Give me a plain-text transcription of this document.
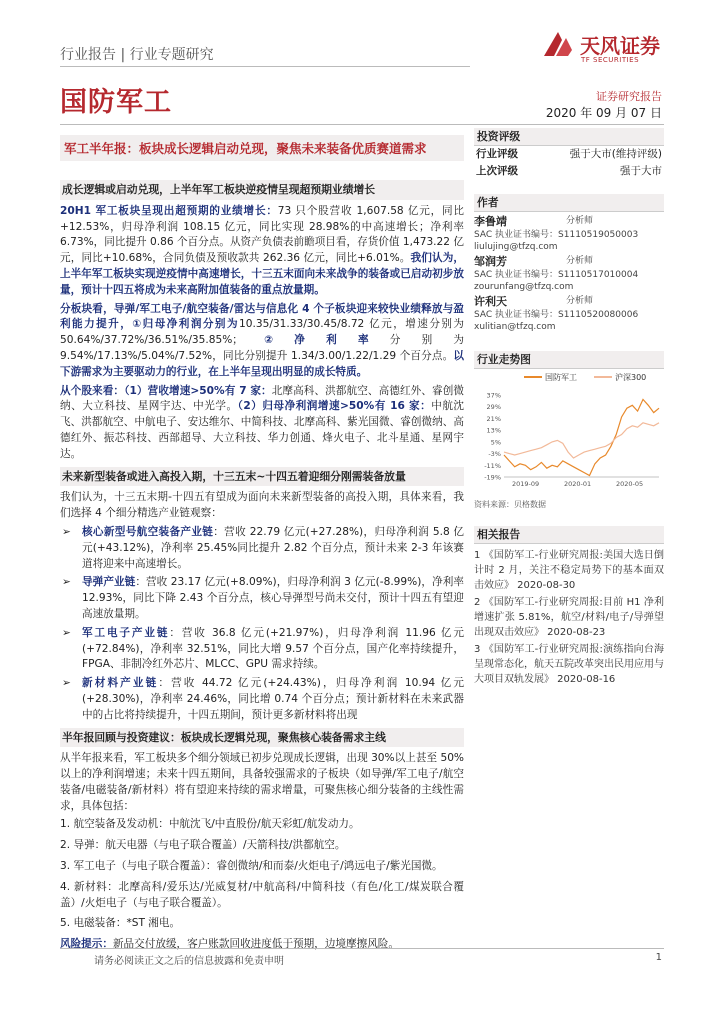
行业报告 | 行业专题研究
国防军工
天风证券
TF SECURITIES
证券研究报告
2020 年 09 月 07 日
军工半年报：板块成长逻辑启动兑现，聚焦未来装备优质赛道需求
成长逻辑或启动兑现，上半年军工板块逆疫情呈现超预期业绩增长

20H1 军工板块呈现出超预期的业绩增长：73 只个股营收 1,607.58 亿元，同比+12.53%，归母净利润 108.15 亿元，同比实现 28.98%的中高速增长；净利率 6.73%，同比提升 0.86 个百分点。从资产负债表前瞻项目看，存货价值 1,473.22 亿元，同比+10.68%，合同负债及预收款共 262.36 亿元，同比+6.01%。我们认为，上半年军工板块实现逆疫情中高速增长，十三五末面向未来战争的装备或已启动初步放量，预计十四五将成为未来高附加值装备的重点放量期。

分板块看，导弹/军工电子/航空装备/雷达与信息化 4 个子板块迎来较快业绩释放与盈利能力提升，①归母净利润分别为10.35/31.33/30.45/8.72 亿元，增速分别为 50.64%/37.72%/36.51%/35.85%；②净利率分别为 9.54%/17.13%/5.04%/7.52%，同比分别提升 1.34/3.00/1.22/1.29 个百分点。以下游需求为主要驱动力的行业，在上半年呈现出明显的成长特质。

从个股来看：（1）营收增速>50%有 7 家：北摩高科、洪都航空、高德红外、睿创微纳、大立科技、星网宇达、中光学。（2）归母净利润增速>50%有 16 家：中航沈飞、洪都航空、中航电子、安达维尔、中简科技、北摩高科、紫光国微、睿创微纳、高德红外、振芯科技、西部超导、大立科技、华力创通、烽火电子、北斗星通、星网宇达。

未来新型装备或进入高投入期，十三五末~十四五着迎细分刚需装备放量

我们认为，十三五末期-十四五有望成为面向未来新型装备的高投入期，具体来看，我们选择 4 个细分精选产业链观察：

➢ 核心新型号航空装备产业链：营收 22.79 亿元(+27.28%)，归母净利润 5.8 亿元(+43.12%)，净利率 25.45%同比提升 2.82 个百分点，预计未来 2-3 年该赛道将迎来中高速增长。

➢ 导弹产业链：营收 23.17 亿元(+8.09%)，归母净利润 3 亿元(-8.99%)，净利率 12.93%，同比下降 2.43 个百分点，核心导弹型号尚未交付，预计十四五有望迎高速放量期。

➢ 军工电子产业链：营收 36.8 亿元(+21.97%)，归母净利润 11.96 亿元(+72.84%)，净利率 32.51%，同比大增 9.57 个百分点，国产化率持续提升，FPGA、非制冷红外芯片、MLCC、GPU 需求持续。

➢ 新材料产业链：营收 44.72 亿元(+24.43%)，归母净利润 10.94 亿元(+28.30%)，净利率 24.46%，同比增 0.74 个百分点；预计新材料在未来武器中的占比将持续提升，十四五期间，预计更多新材料将出现

半年报回顾与投资建议：板块成长逻辑兑现，聚焦核心装备需求主线

从半年报来看，军工板块多个细分领域已初步兑现成长逻辑，出现 30%以上甚至 50%以上的净利润增速；未来十四五期间，具备较强需求的子板块（如导弹/军工电子/航空装备/电磁装备/新材料）将有望迎来持续的需求增量，可聚焦核心细分装备的主线性需求，具体包括：

1. 航空装备及发动机：中航沈飞/中直股份/航天彩虹/航发动力。

2. 导弹：航天电器（与电子联合覆盖）/天箭科技/洪都航空。

3. 军工电子（与电子联合覆盖）：睿创微纳/和而泰/火炬电子/鸿远电子/紫光国微。

4. 新材料：北摩高科/爱乐达/光威复材/中航高科/中简科技（有色/化工/煤炭联合覆盖）/火炬电子（与电子联合覆盖）。

5. 电磁装备：*ST 湘电。

风险提示：新品交付放缓，客户账款回收进度低于预期，边境摩擦风险。

投资评级
行业评级	强于大市(维持评级)
上次评级	强于大市
作者
李鲁靖	分析师
SAC 执业证书编号：S1110519050003
liulujing@tfzq.com
邹润芳	分析师
SAC 执业证书编号：S1110517010004
zourunfang@tfzq.com
许利天	分析师
SAC 执业证书编号：S1110520080006
xulitian@tfzq.com
行业走势图
国防军工	沪深300
37%
29%
21%
13%
5%
-3%
-11%
-19%
2019-09	2020-01	2020-05
资料来源：贝格数据
相关报告
1 《国防军工-行业研究周报:美国大选日倒计时 2 月，关注不稳定局势下的基本面双击效应》 2020-08-30
2 《国防军工-行业研究周报:目前 H1 净利增速扩张 5.81%，航空/材料/电子/导弹望出现双击效应》 2020-08-23
3 《国防军工-行业研究周报:演练指向台海呈现常态化，航天五院改革突出民用应用与大项目双轨发展》 2020-08-16
请务必阅读正文之后的信息披露和免责申明	1
